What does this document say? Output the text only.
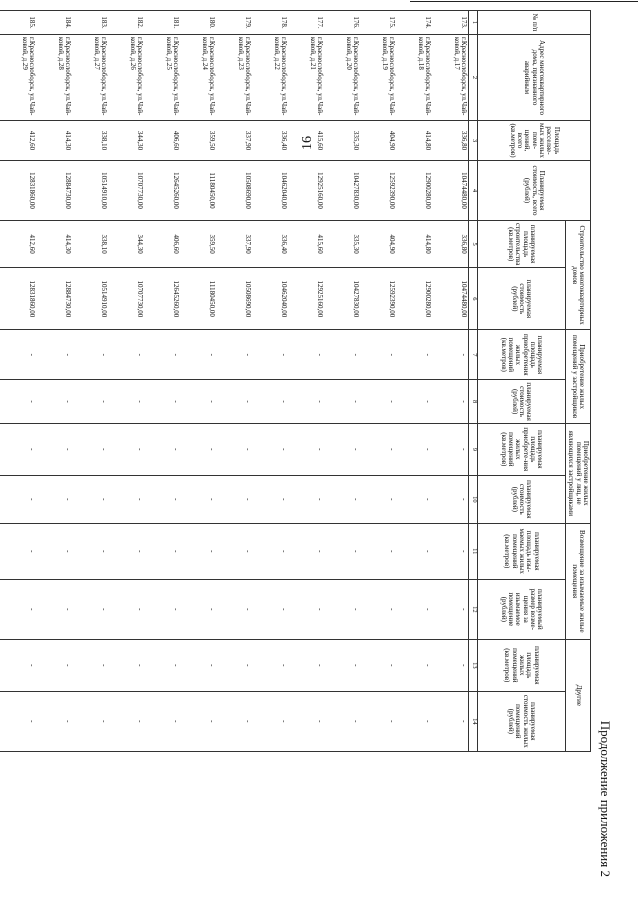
16
Продолжение приложения 2
№ п/п	Адрес многоквартирного дома, признанного аварийным	Площадь расселяе-мых жилых поме-щений, всего (кв.метров)	Планируемая стоимость, всего (рублей)	Строительство многоквартирных домов		Приобретение жилых помещений у застройщиков		Приобретение жилых помещений у лиц, не являющихся застройщиками		Возмещение за изымаемые жилые помещения		Другие	
				планируемая площадь строительства (кв.метров)	планируемая стоимость (рублей)	планируемая площадь приобретения жилых помещений (кв.метров)	планируемая стоимость (рублей)	планируемая площадь приобрете-ния жилых помещений (кв.метров)	планируемая стоимость (рублей)	планируемая площадь изы-маемых жилых помещений (кв.метров)	планируемый размер возме-щения за изымаемое помещение (рублей)	планируемая площадь жилых помещений (кв.метров)	планируемая стоимость жилых помещений (рублей)
1	2	3	4	5	6	7	8	9	10	11	12	13	14
173.	г.Краснослободск, ул.Чай-ковой, д.17	336,80	10474480,00	336,80	10474480,00	-	-	-	-	-	-	-	-
174.	г.Краснослободск, ул.Чай-ковой, д.18	414,80	12900280,00	414,80	12900280,00	-	-	-	-	-	-	-	-
175.	г.Краснослободск, ул.Чай-ковой, д.19	404,90	12592390,00	404,90	12592390,00	-	-	-	-	-	-	-	-
176.	г.Краснослободск, ул.Чай-ковой, д.20	335,30	10427830,00	335,30	10427830,00	-	-	-	-	-	-	-	-
177.	г.Краснослободск, ул.Чай-ковой, д.21	415,60	12925160,00	415,60	12925160,00	-	-	-	-	-	-	-	-
178.	г.Краснослободск, ул.Чай-ковой, д.22	336,40	10462040,00	336,40	10462040,00	-	-	-	-	-	-	-	-
179.	г.Краснослободск, ул.Чай-ковой, д.23	337,90	10508690,00	337,90	10508690,00	-	-	-	-	-	-	-	-
180.	г.Краснослободск, ул.Чай-ковой, д.24	359,50	11180450,00	359,50	11180450,00	-	-	-	-	-	-	-	-
181.	г.Краснослободск, ул.Чай-ковой, д.25	406,60	12645260,00	406,60	12645260,00	-	-	-	-	-	-	-	-
182.	г.Краснослободск, ул.Чай-ковой, д.26	344,30	10707730,00	344,30	10707730,00	-	-	-	-	-	-	-	-
183.	г.Краснослободск, ул.Чай-ковой, д.27	338,10	10514910,00	338,10	10514910,00	-	-	-	-	-	-	-	-
184.	г.Краснослободск, ул.Чай-ковой, д.28	414,30	12884730,00	414,30	12884730,00	-	-	-	-	-	-	-	-
185.	г.Краснослободск, ул.Чай-ковой, д.29	412,60	12831860,00	412,60	12831860,00	-	-	-	-	-	-	-	-
